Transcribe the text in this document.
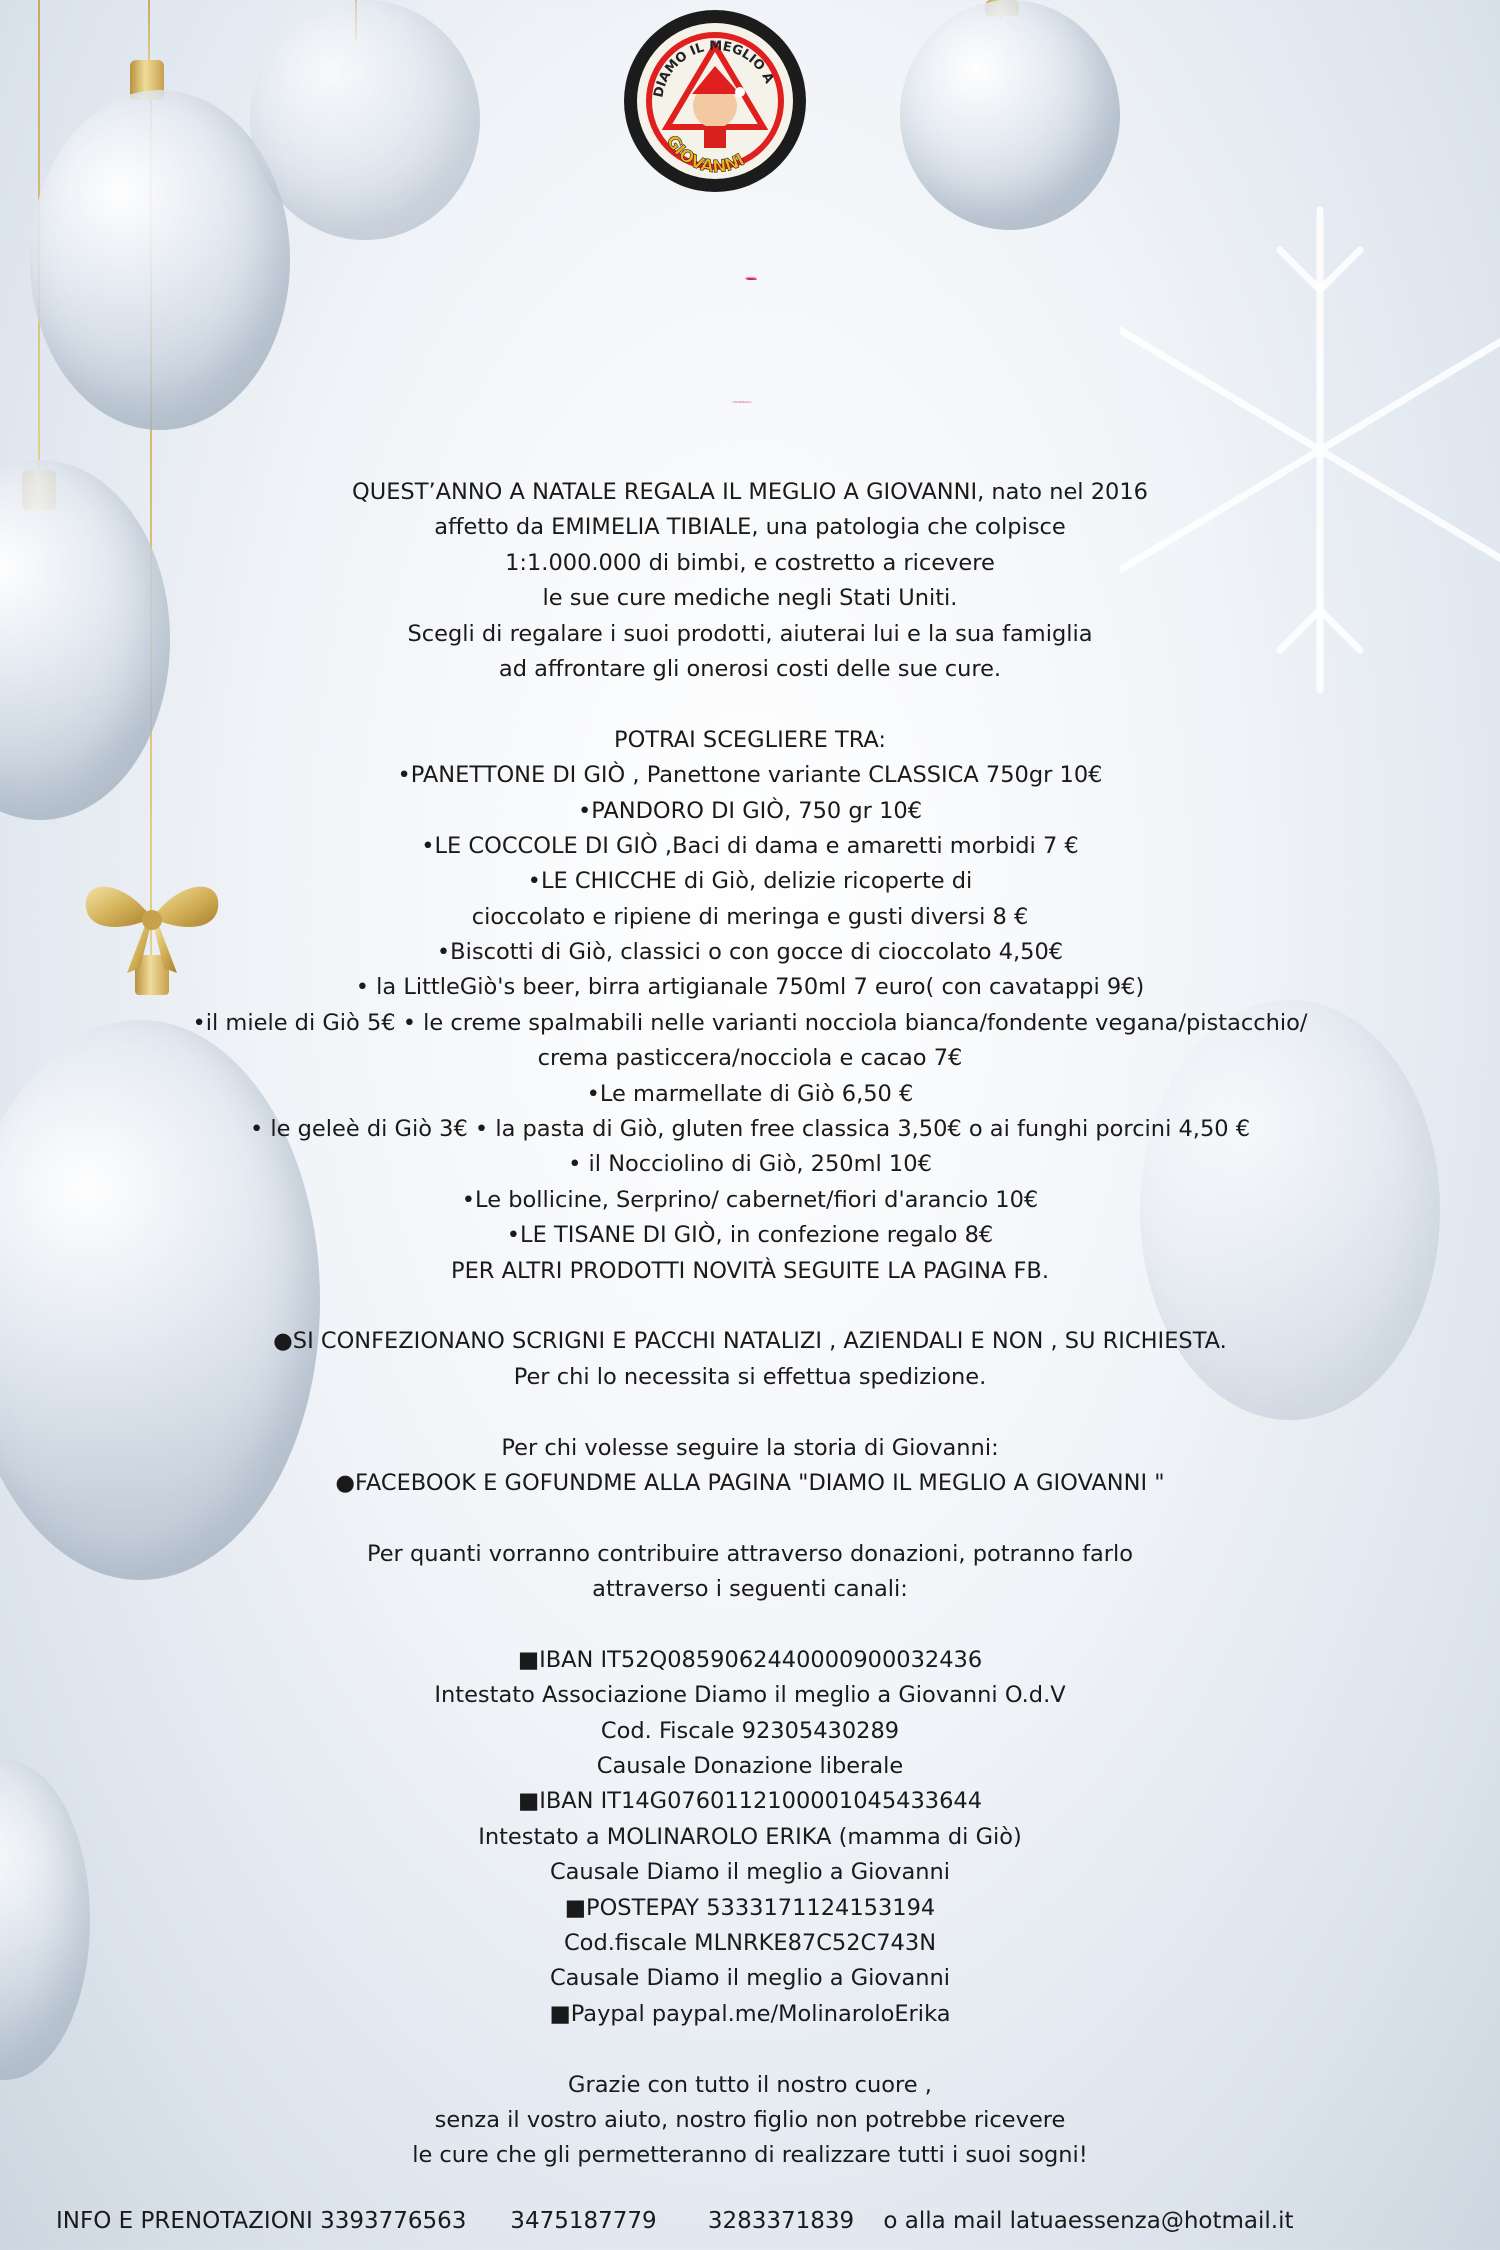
DIAMO IL MEGLIO A
GIOVANNI
UN NATALE PER GIOVANNI
QUEST’ANNO A NATALE REGALA IL MEGLIO A GIOVANNI, nato nel 2016
affetto da EMIMELIA TIBIALE, una patologia che colpisce
1:1.000.000 di bimbi, e costretto a ricevere
le sue cure mediche negli Stati Uniti.
Scegli di regalare i suoi prodotti, aiuterai lui e la sua famiglia
ad affrontare gli onerosi costi delle sue cure.
POTRAI SCEGLIERE TRA:
•PANETTONE DI GIÒ , Panettone variante CLASSICA 750gr 10€
•PANDORO DI GIÒ, 750 gr 10€
•LE COCCOLE DI GIÒ ,Baci di dama e amaretti morbidi 7 €
•LE CHICCHE di Giò, delizie ricoperte di
cioccolato e ripiene di meringa e gusti diversi 8 €
•Biscotti di Giò, classici o con gocce di cioccolato 4,50€
• la LittleGiò's beer, birra artigianale 750ml 7 euro( con cavatappi 9€)
•il miele di Giò 5€ • le creme spalmabili nelle varianti nocciola bianca/fondente vegana/pistacchio/
crema pasticcera/nocciola e cacao 7€
•Le marmellate di Giò 6,50 €
• le geleè di Giò 3€ • la pasta di Giò, gluten free classica 3,50€ o ai funghi porcini 4,50 €
• il Nocciolino di Giò, 250ml 10€
•Le bollicine, Serprino/ cabernet/fiori d'arancio 10€
•LE TISANE DI GIÒ, in confezione regalo 8€
PER ALTRI PRODOTTI NOVITÀ SEGUITE LA PAGINA FB.
●SI CONFEZIONANO SCRIGNI E PACCHI NATALIZI , AZIENDALI E NON , SU RICHIESTA.
Per chi lo necessita si effettua spedizione.
Per chi volesse seguire la storia di Giovanni:
●FACEBOOK E GOFUNDME ALLA PAGINA "DIAMO IL MEGLIO A GIOVANNI "
Per quanti vorranno contribuire attraverso donazioni, potranno farlo
attraverso i seguenti canali:
■IBAN IT52Q0859062440000900032436
Intestato Associazione Diamo il meglio a Giovanni O.d.V
Cod. Fiscale 92305430289
Causale Donazione liberale
■IBAN IT14G0760112100001045433644
Intestato a MOLINAROLO ERIKA (mamma di Giò)
Causale Diamo il meglio a Giovanni
■POSTEPAY 5333171124153194
Cod.fiscale MLNRKE87C52C743N
Causale Diamo il meglio a Giovanni
■Paypal paypal.me/MolinaroloErika
Grazie con tutto il nostro cuore ,
senza il vostro aiuto, nostro figlio non potrebbe ricevere
le cure che gli permetteranno di realizzare tutti i suoi sogni!
INFO E PRENOTAZIONI 3393776563      3475187779       3283371839    o alla mail latuaessenza@hotmail.it
